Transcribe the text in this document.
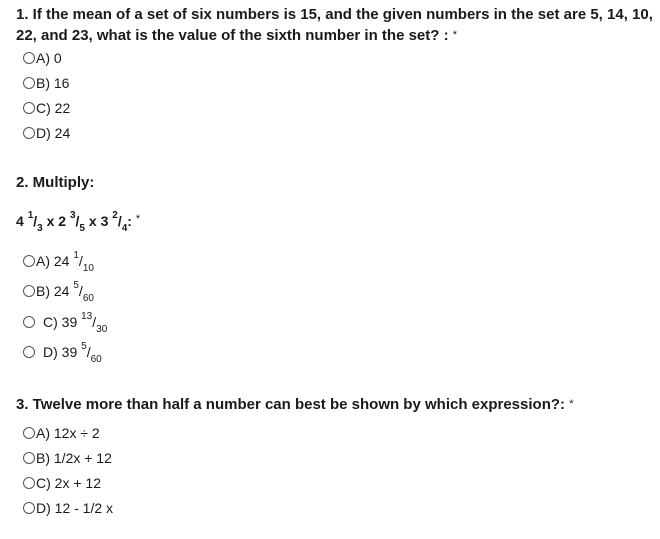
1. If the mean of a set of six numbers is 15, and the given numbers in the set are 5, 14, 10, 22, and 23, what is the value of the sixth number in the set? : *

A) 0
B) 16
C) 22
D) 24

2. Multiply:

4 $^1/_3$ x 2 $^3/_5$ x 3 $^2/_4$: *
A) 24 $^1/_{10}$
B) 24 $^5/_{60}$
C) 39 $^{13}/_{30}$
D) 39 $^5/_{60}$

3. Twelve more than half a number can best be shown by which expression?: *

A) 12x ÷ 2
B) 1/2x + 12
C) 2x + 12
D) 12 - 1/2 x
